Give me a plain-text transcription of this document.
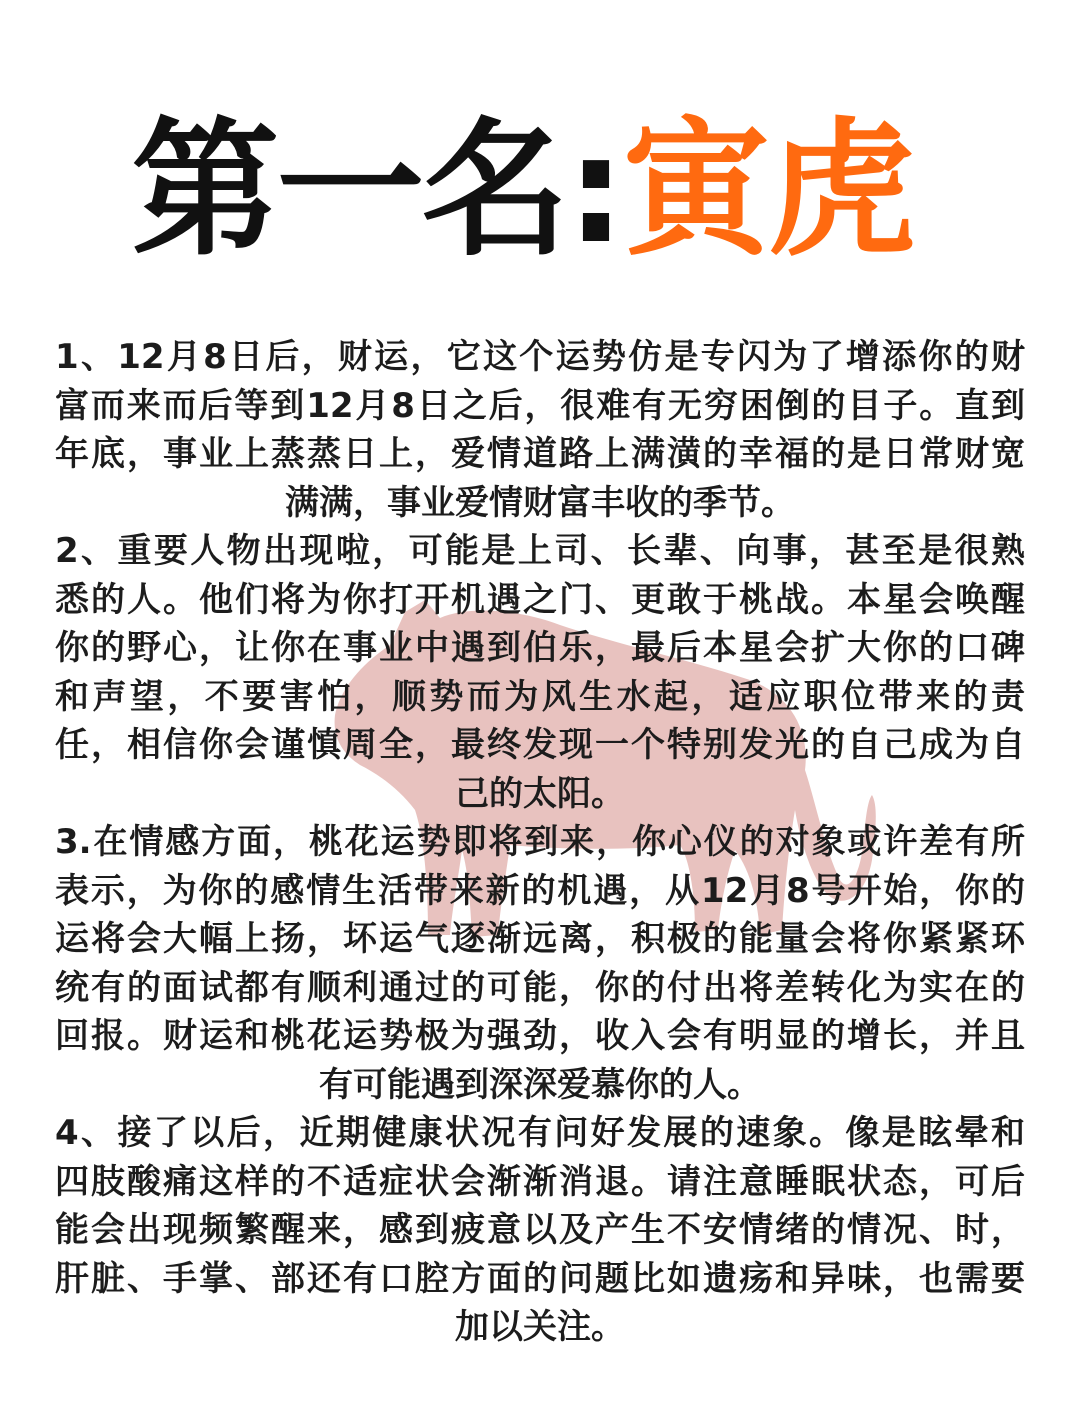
第一名:寅虎
1、12月8日后，财运，它这个运势仿是专闪为了增添你的财
富而来而后等到12月8日之后，很难有无穷困倒的目子。直到
年底，事业上蒸蒸日上，爱情道路上满潢的幸福的是日常财宽
满满，事业爱情财富丰收的季节。
2、重要人物出现啦，可能是上司、长辈、向事，甚至是很熟
悉的人。他们将为你打开机遇之门、更敢于桃战。本星会唤醒
你的野心，让你在事业中遇到伯乐，最后本星会扩大你的口碑
和声望，不要害怕，顺势而为风生水起，适应职位带来的责
任，相信你会谨慎周全，最终发现一个特别发光的自己成为自
己的太阳。
3.在情感方面，桃花运势即将到来，你心仪的对象或许差有所
表示，为你的感情生活带来新的机遇，从12月8号开始，你的
运将会大幅上扬，坏运气逐渐远离，积极的能量会将你紧紧环
统有的面试都有顺利通过的可能，你的付出将差转化为实在的
回报。财运和桃花运势极为强劲，收入会有明显的增长，并且
有可能遇到深深爱慕你的人。
4、接了以后，近期健康状况有问好发展的速象。像是眩晕和
四肢酸痛这样的不适症状会渐渐消退。请注意睡眠状态，可后
能会出现频繁醒来，感到疲意以及产生不安情绪的情况、时，
肝脏、手掌、部还有口腔方面的问题比如遗疡和异味，也需要
加以关注。
